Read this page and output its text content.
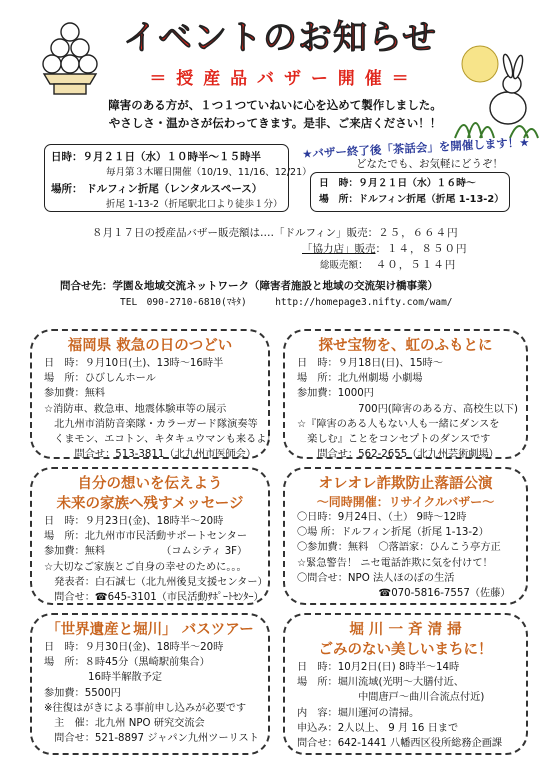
イベントのお知らせ
＝ 授 産 品 バ ザ ー 開 催 ＝
障害のある方が、１つ１つていねいに心を込めて製作しました。
やさしさ・温かさが伝わってきます。是非、ご来店ください！！
日時：９月２１日（水）１０時半〜１５時半
毎月第３木曜日開催（10/19、11/16、12/21）
場所： ドルフィン折尾（レンタルスペース）
折尾 1-13-2（折尾駅北口より徒歩１分）
★バザー終了後「茶話会」を開催します！★
どなたでも、お気軽にどうぞ！
日　時：９月２１日（水）１６時〜
場　所：ドルフィン折尾（折尾 1-13-2）
８月１７日の授産品バザー販売額は‥‥「ドルフィン」販売：２５，６６４円
「協力店」販売：１４，８５０円
総販売額：　４０，５１４円
問合せ先：学園＆地域交流ネットワーク（障害者施設と地域の交流架け橋事業）
TEL　090-2710-6810(ﾏｷﾀ)　　　http://homepage3.nifty.com/wam/
福岡県 救急の日のつどい
日　時：９月10日(土)、13時〜16時半
場　所：ひびしんホール
参加費：無料
☆消防車、救急車、地震体験車等の展示
　北九州市消防音楽隊・カラーガード隊演奏等
　くまモン、エコトン、キタキュウマンも来るよ！
　　　問合せ：513-3811（北九州市医師会）
探せ宝物を、虹のふもとに
日　時：９月18日(日)、15時〜
場　所：北九州劇場 小劇場
参加費：1000円
　　　　　　700円(障害のある方、高校生以下)
☆『障害のある人もない人も一緒にダンスを
　楽しむ』ことをコンセプトのダンスです
　　問合せ：562-2655（北九州芸術劇場）
自分の想いを伝えよう
未来の家族へ残すメッセージ
日　時：９月23日(金)、18時半〜20時
場　所：北九州市市民活動サポートセンター
参加費：無料　　　　　　（コムシティ 3F）
☆大切なご家族とご自身の幸せのために。。。
　発表者：白石誠七（北九州後見支援センター）
　問合せ：☎645-3101（市民活動ｻﾎﾟｰﾄｾﾝﾀｰ）
オレオレ詐欺防止落語公演
〜同時開催：リサイクルバザー〜
〇日時：9月24日、（土） 9時〜12時
〇場 所：ドルフィン折尾（折尾 1-13-2）
〇参加費：無料　〇落語家：ひんこう亭方正
☆緊急警告！ ニセ電話詐欺に気を付けて！
〇問合せ：NPO 法人ほのぼの生活
　　　　　　　　☎070-5816-7557（佐藤）
「世界遺産と堀川」 バスツアー
日　時：９月30日(金)、18時半〜20時
場　所：８時45分（黒崎駅前集合）
　　　　 16時半解散予定
参加費：5500円
※往復はがきによる事前申し込みが必要です
　主　催：北九州 NPO 研究交流会
　問合せ：521-8897 ジャパン九州ツーリスト
堀 川 一 斉 清 掃
ごみのない美しいまちに！
日　時：10月2日(日) 8時半〜14時
場　所：堀川流域(光明〜大膳付近、
　　　　　　中間唐戸〜曲川合流点付近)
内　容：堀川運河の清掃。
申込み：2人以上、 9 月 16 日まで
問合せ：642-1441 八幡西区役所総務企画課
